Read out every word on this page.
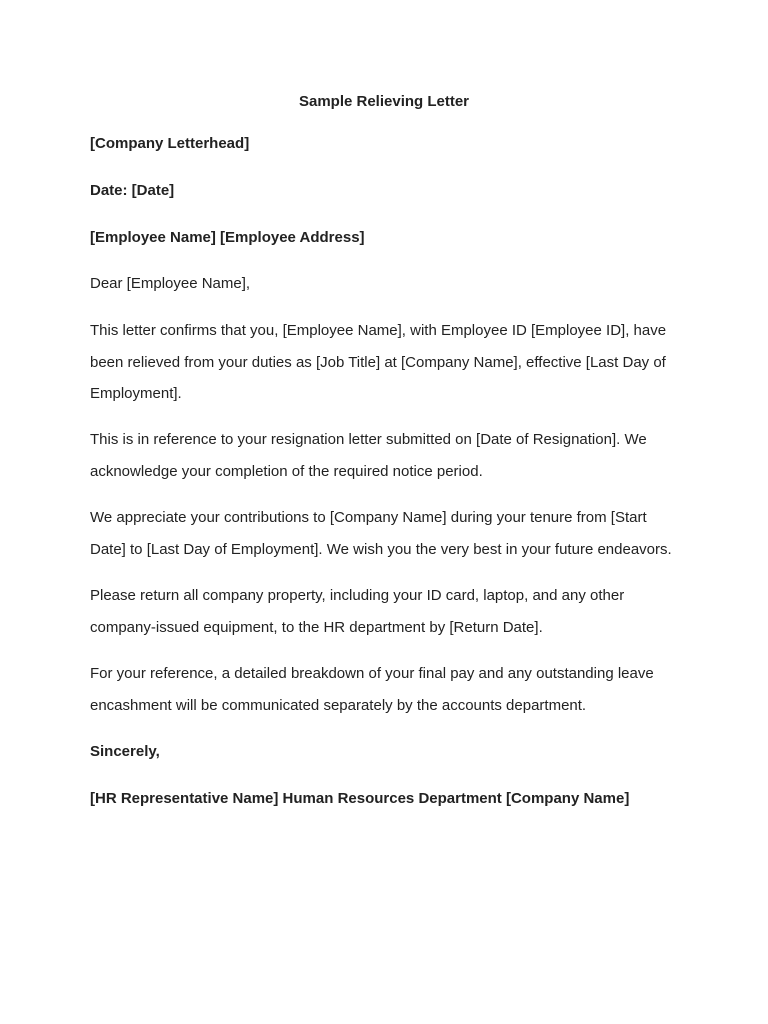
Sample Relieving Letter

[Company Letterhead]

Date: [Date]

[Employee Name] [Employee Address]

Dear [Employee Name],

This letter confirms that you, [Employee Name], with Employee ID [Employee ID], have been relieved from your duties as [Job Title] at [Company Name], effective [Last Day of Employment].

This is in reference to your resignation letter submitted on [Date of Resignation]. We acknowledge your completion of the required notice period.

We appreciate your contributions to [Company Name] during your tenure from [Start Date] to [Last Day of Employment]. We wish you the very best in your future endeavors.

Please return all company property, including your ID card, laptop, and any other company-issued equipment, to the HR department by [Return Date].

For your reference, a detailed breakdown of your final pay and any outstanding leave encashment will be communicated separately by the accounts department.

Sincerely,

[HR Representative Name] Human Resources Department [Company Name]
